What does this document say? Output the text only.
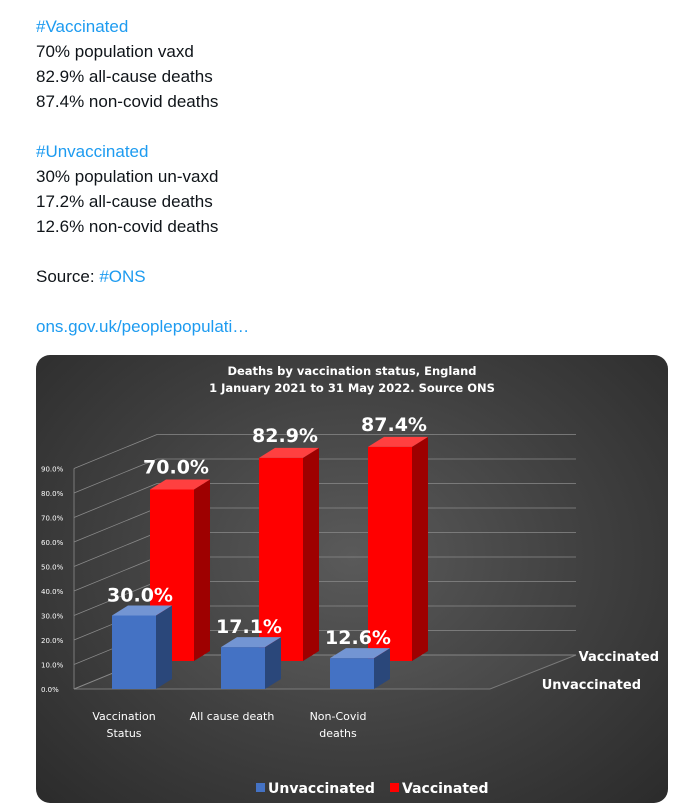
#Vaccinated
70% population vaxd
82.9% all-cause deaths
87.4% non-covid deaths
#Unvaccinated
30% population un-vaxd
17.2% all-cause deaths
12.6% non-covid deaths
Source: #ONS
ons.gov.uk/peoplepopulati…
Deaths by vaccination status, England
1 January 2021 to 31 May 2022. Source ONS
0.0%
10.0%
20.0%
30.0%
40.0%
50.0%
60.0%
70.0%
80.0%
90.0%	70.0%
82.9%
87.4%
30.0%
17.1%
12.6%
Vaccinated
Unvaccinated
Vaccination
Status
All cause death	Non-Covid
deaths
Unvaccinated Vaccinated
